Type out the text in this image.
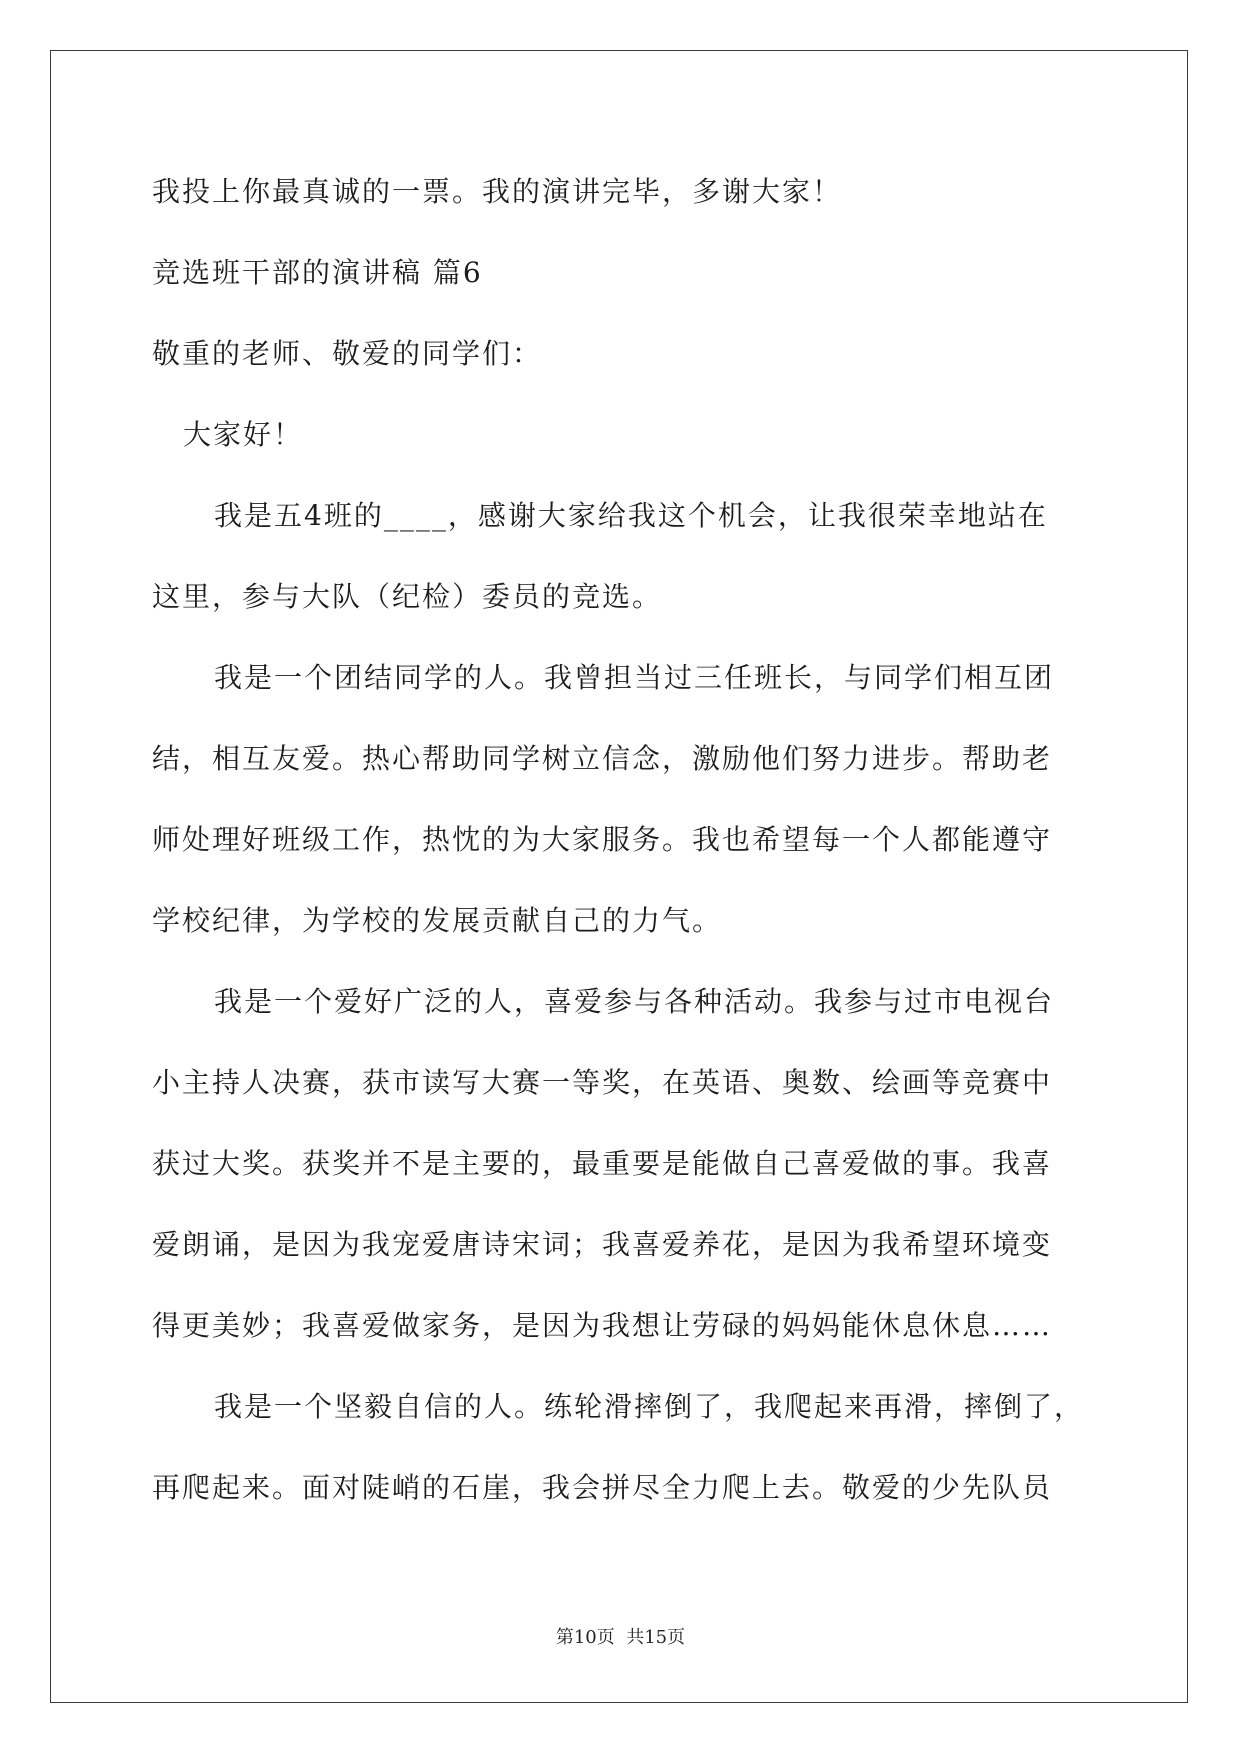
我投上你最真诚的一票。我的演讲完毕，多谢大家！
竞选班干部的演讲稿 篇6
敬重的老师、敬爱的同学们：
大家好！
我是五4班的____，感谢大家给我这个机会，让我很荣幸地站在
这里，参与大队（纪检）委员的竞选。
我是一个团结同学的人。我曾担当过三任班长，与同学们相互团
结，相互友爱。热心帮助同学树立信念，激励他们努力进步。帮助老
师处理好班级工作，热忱的为大家服务。我也希望每一个人都能遵守
学校纪律，为学校的发展贡献自己的力气。
我是一个爱好广泛的人，喜爱参与各种活动。我参与过市电视台
小主持人决赛，获市读写大赛一等奖，在英语、奥数、绘画等竞赛中
获过大奖。获奖并不是主要的，最重要是能做自己喜爱做的事。我喜
爱朗诵，是因为我宠爱唐诗宋词；我喜爱养花，是因为我希望环境变
得更美妙；我喜爱做家务，是因为我想让劳碌的妈妈能休息休息……
我是一个坚毅自信的人。练轮滑摔倒了，我爬起来再滑，摔倒了，
再爬起来。面对陡峭的石崖，我会拼尽全力爬上去。敬爱的少先队员
第10页  共15页
